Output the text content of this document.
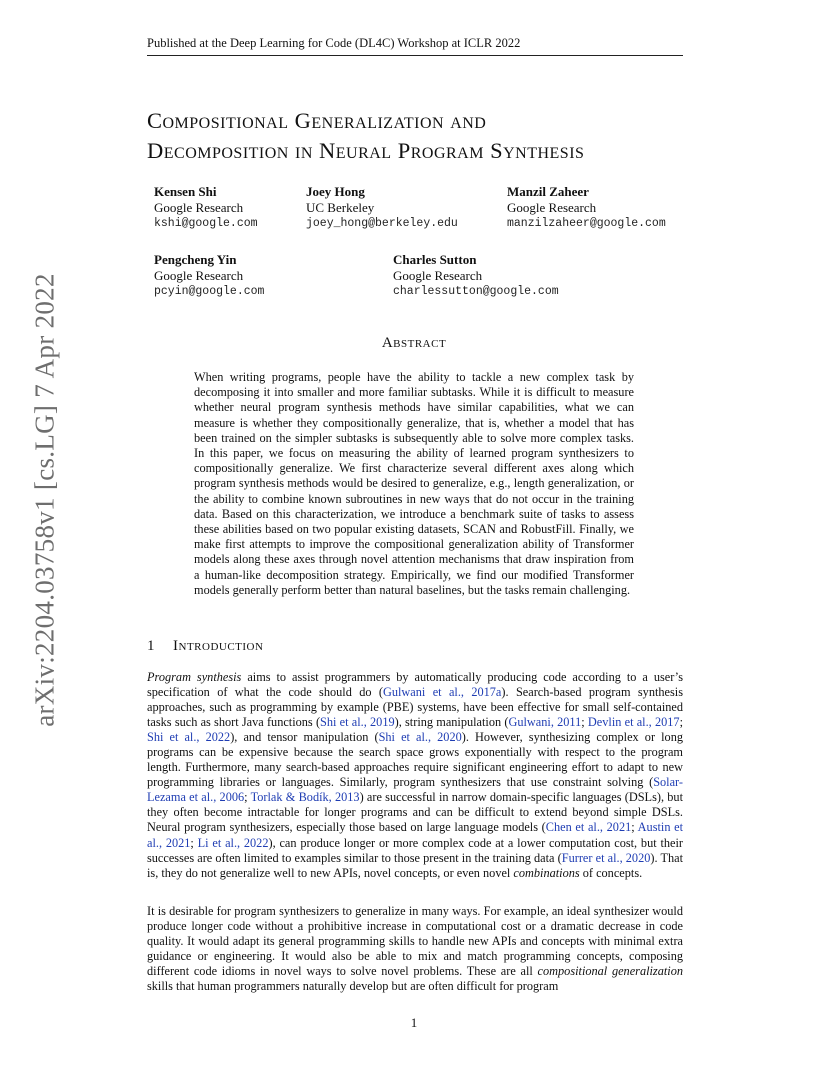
arXiv:2204.03758v1 [cs.LG] 7 Apr 2022
Published at the Deep Learning for Code (DL4C) Workshop at ICLR 2022
Compositional Generalization and
Decomposition in Neural Program Synthesis
Kensen Shi
Google Research
kshi@google.com
Joey Hong
UC Berkeley
joey_hong@berkeley.edu
Manzil Zaheer
Google Research
manzilzaheer@google.com
Pengcheng Yin
Google Research
pcyin@google.com
Charles Sutton
Google Research
charlessutton@google.com
Abstract
When writing programs, people have the ability to tackle a new complex task by decomposing it into smaller and more familiar subtasks. While it is difficult to measure whether neural program synthesis methods have similar capabilities, what we can measure is whether they compositionally generalize, that is, whether a model that has been trained on the simpler subtasks is subsequently able to solve more complex tasks. In this paper, we focus on measuring the ability of learned program synthesizers to compositionally generalize. We first characterize several different axes along which program synthesis methods would be desired to generalize, e.g., length generalization, or the ability to combine known subroutines in new ways that do not occur in the training data. Based on this characterization, we introduce a benchmark suite of tasks to assess these abilities based on two popular existing datasets, SCAN and RobustFill. Finally, we make first attempts to improve the compositional generalization ability of Transformer models along these axes through novel attention mechanisms that draw inspiration from a human-like decomposition strategy. Empirically, we find our modified Transformer models generally perform better than natural baselines, but the tasks remain challenging.
1 Introduction
Program synthesis aims to assist programmers by automatically producing code according to a user’s specification of what the code should do (Gulwani et al., 2017a). Search-based program synthesis approaches, such as programming by example (PBE) systems, have been effective for small self-contained tasks such as short Java functions (Shi et al., 2019), string manipulation (Gulwani, 2011; Devlin et al., 2017; Shi et al., 2022), and tensor manipulation (Shi et al., 2020). However, synthesizing complex or long programs can be expensive because the search space grows exponentially with respect to the program length. Furthermore, many search-based approaches require significant engineering effort to adapt to new programming libraries or languages. Similarly, program synthesizers that use constraint solving (Solar-Lezama et al., 2006; Torlak & Bodík, 2013) are successful in narrow domain-specific languages (DSLs), but they often become intractable for longer programs and can be difficult to extend beyond simple DSLs. Neural program synthesizers, especially those based on large language models (Chen et al., 2021; Austin et al., 2021; Li et al., 2022), can produce longer or more complex code at a lower computation cost, but their successes are often limited to examples similar to those present in the training data (Furrer et al., 2020). That is, they do not generalize well to new APIs, novel concepts, or even novel combinations of concepts.
It is desirable for program synthesizers to generalize in many ways. For example, an ideal synthesizer would produce longer code without a prohibitive increase in computational cost or a dramatic decrease in code quality. It would adapt its general programming skills to handle new APIs and concepts with minimal extra guidance or engineering. It would also be able to mix and match programming concepts, composing different code idioms in novel ways to solve novel problems. These are all compositional generalization skills that human programmers naturally develop but are often difficult for program
1
